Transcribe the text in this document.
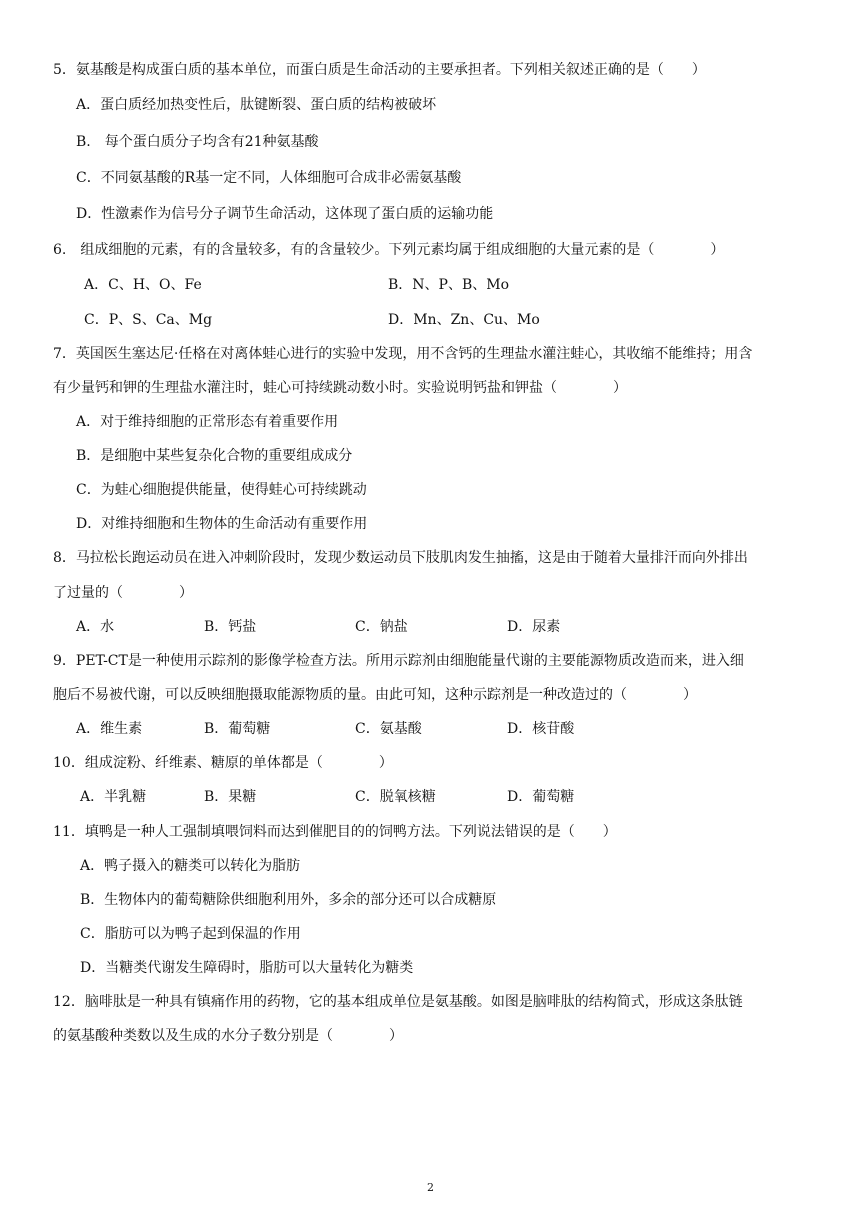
5．氨基酸是构成蛋白质的基本单位，而蛋白质是生命活动的主要承担者。下列相关叙述正确的是（　　）
A．蛋白质经加热变性后，肽键断裂、蛋白质的结构被破坏
B.　每个蛋白质分子均含有21种氨基酸
C．不同氨基酸的R基一定不同，人体细胞可合成非必需氨基酸
D．性激素作为信号分子调节生命活动，这体现了蛋白质的运输功能
6.　组成细胞的元素，有的含量较多，有的含量较少。下列元素均属于组成细胞的大量元素的是（　　　　）
A．C、H、O、Fe	B．N、P、B、Mo
C．P、S、Ca、Mg	D．Mn、Zn、Cu、Mo
7．英国医生塞达尼·任格在对离体蛙心进行的实验中发现，用不含钙的生理盐水灌注蛙心，其收缩不能维持；用含
有少量钙和钾的生理盐水灌注时，蛙心可持续跳动数小时。实验说明钙盐和钾盐（　　　　）
A．对于维持细胞的正常形态有着重要作用
B．是细胞中某些复杂化合物的重要组成成分
C．为蛙心细胞提供能量，使得蛙心可持续跳动
D．对维持细胞和生物体的生命活动有重要作用
8．马拉松长跑运动员在进入冲刺阶段时，发现少数运动员下肢肌肉发生抽搐，这是由于随着大量排汗而向外排出
了过量的（　　　　）
A．水	B．钙盐	C．钠盐	D．尿素
9．PET-CT是一种使用示踪剂的影像学检查方法。所用示踪剂由细胞能量代谢的主要能源物质改造而来，进入细
胞后不易被代谢，可以反映细胞摄取能源物质的量。由此可知，这种示踪剂是一种改造过的（　　　　）
A．维生素	B．葡萄糖	C．氨基酸	D．核苷酸
10．组成淀粉、纤维素、糖原的单体都是（　　　　）
A．半乳糖	B．果糖	C．脱氧核糖	D．葡萄糖
11．填鸭是一种人工强制填喂饲料而达到催肥目的的饲鸭方法。下列说法错误的是（　　）
A．鸭子摄入的糖类可以转化为脂肪
B．生物体内的葡萄糖除供细胞利用外，多余的部分还可以合成糖原
C．脂肪可以为鸭子起到保温的作用
D．当糖类代谢发生障碍时，脂肪可以大量转化为糖类
12．脑啡肽是一种具有镇痛作用的药物，它的基本组成单位是氨基酸。如图是脑啡肽的结构简式，形成这条肽链
的氨基酸种类数以及生成的水分子数分别是（　　　　）
2
